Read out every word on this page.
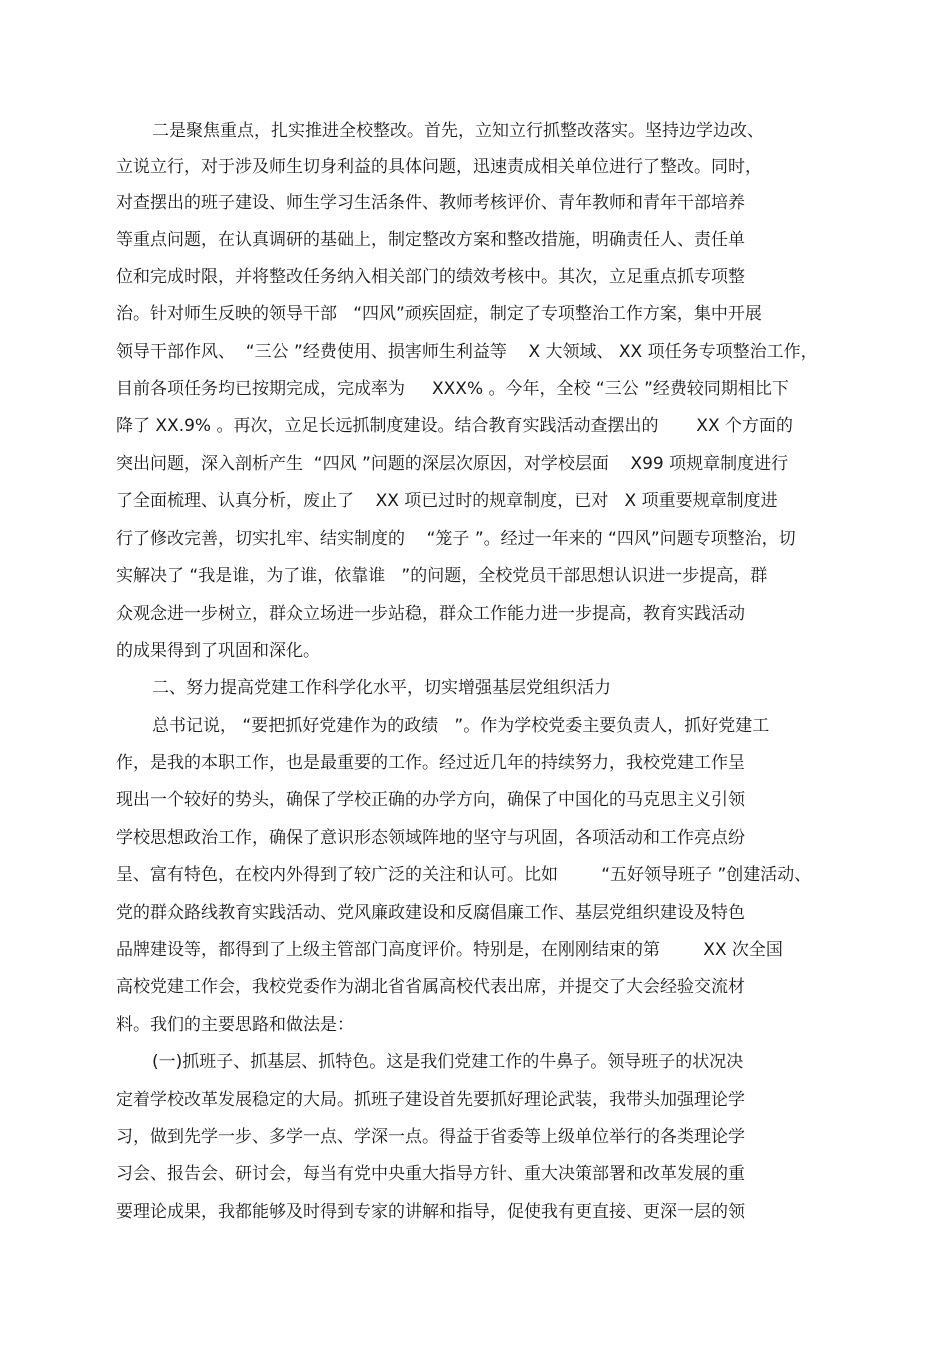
二是聚焦重点，扎实推进全校整改。首先，立知立行抓整改落实。坚持边学边改、
立说立行，对于涉及师生切身利益的具体问题，迅速责成相关单位进行了整改。同时，
对查摆出的班子建设、师生学习生活条件、教师考核评价、青年教师和青年干部培养
等重点问题，在认真调研的基础上，制定整改方案和整改措施，明确责任人、责任单
位和完成时限，并将整改任务纳入相关部门的绩效考核中。其次，立足重点抓专项整
治。针对师生反映的领导干部   “四风”顽疾固症，制定了专项整治工作方案，集中开展
领导干部作风、  “三公 ”经费使用、损害师生利益等    X 大领域、 XX 项任务专项整治工作，
目前各项任务均已按期完成，完成率为     XXX% 。今年，全校 “三公 ”经费较同期相比下
降了 XX.9% 。再次，立足长远抓制度建设。结合教育实践活动查摆出的       XX 个方面的
突出问题，深入剖析产生  “四风 ”问题的深层次原因，对学校层面    X99 项规章制度进行
了全面梳理、认真分析，废止了    XX 项已过时的规章制度，已对   X 项重要规章制度进
行了修改完善，切实扎牢、结实制度的    “笼子 ”。经过一年来的 “四风”问题专项整治，切
实解决了 “我是谁，为了谁，依靠谁   ”的问题，全校党员干部思想认识进一步提高，群
众观念进一步树立，群众立场进一步站稳，群众工作能力进一步提高，教育实践活动
的成果得到了巩固和深化。
二、努力提高党建工作科学化水平，切实增强基层党组织活力
总书记说， “要把抓好党建作为的政绩   ”。作为学校党委主要负责人，抓好党建工
作，是我的本职工作，也是最重要的工作。经过近几年的持续努力，我校党建工作呈
现出一个较好的势头，确保了学校正确的办学方向，确保了中国化的马克思主义引领
学校思想政治工作，确保了意识形态领域阵地的坚守与巩固，各项活动和工作亮点纷
呈、富有特色，在校内外得到了较广泛的关注和认可。比如        “五好领导班子 ”创建活动、
党的群众路线教育实践活动、党风廉政建设和反腐倡廉工作、基层党组织建设及特色
品牌建设等，都得到了上级主管部门高度评价。特别是，在刚刚结束的第        XX 次全国
高校党建工作会，我校党委作为湖北省省属高校代表出席，并提交了大会经验交流材
料。我们的主要思路和做法是：
(一)抓班子、抓基层、抓特色。这是我们党建工作的牛鼻子。领导班子的状况决
定着学校改革发展稳定的大局。抓班子建设首先要抓好理论武装，我带头加强理论学
习，做到先学一步、多学一点、学深一点。得益于省委等上级单位举行的各类理论学
习会、报告会、研讨会，每当有党中央重大指导方针、重大决策部署和改革发展的重
要理论成果，我都能够及时得到专家的讲解和指导，促使我有更直接、更深一层的领
